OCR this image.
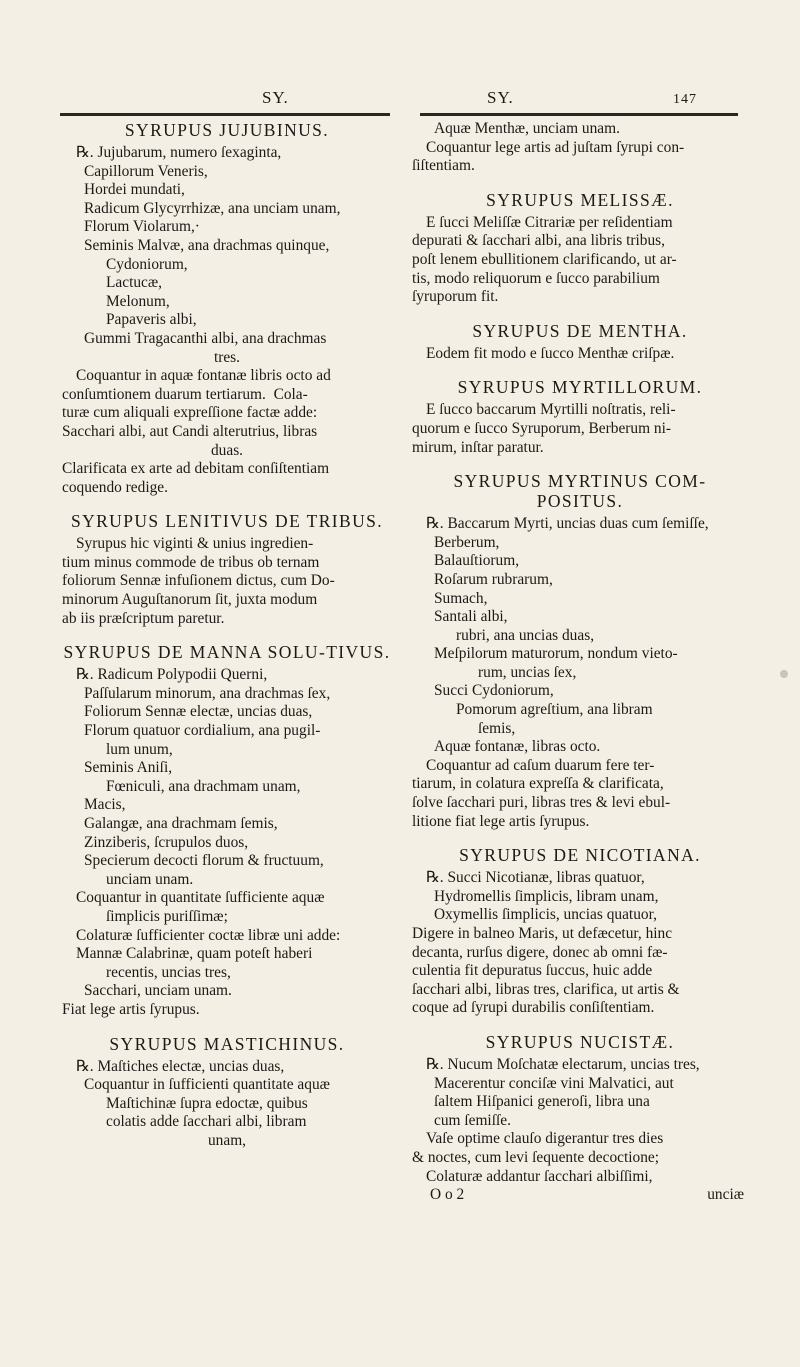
SY.	SY.	147
SYRUPUS JUJUBINUS.
℞. Jujubarum, numero ſexaginta,
Capillorum Veneris,
Hordei mundati,
Radicum Glycyrrhizæ, ana unciam unam,
Florum Violarum,·
Seminis Malvæ, ana drachmas quinque,
Cydoniorum,
Lactucæ,
Melonum,
Papaveris albi,
Gummi Tragacanthi albi, ana drachmas
tres.
Coquantur in aquæ fontanæ libris octo ad
conſumtionem duarum tertiarum.  Cola-
turæ cum aliquali expreſſione factæ adde:
Sacchari albi, aut Candi alterutrius, libras
duas.
Clarificata ex arte ad debitam conſiſtentiam
coquendo redige.
SYRUPUS LENITIVUS DE TRIBUS.
Syrupus hic viginti & unius ingredien-
tium minus commode de tribus ob ternam
foliorum Sennæ infuſionem dictus, cum Do-
minorum Auguſtanorum ſit, juxta modum
ab iis præſcriptum paretur.
SYRUPUS DE MANNA SOLU-TIVUS.
℞. Radicum Polypodii Querni,
Paſſularum minorum, ana drachmas ſex,
Foliorum Sennæ electæ, uncias duas,
Florum quatuor cordialium, ana pugil-
lum unum,
Seminis Aniſi,
Fœniculi, ana drachmam unam,
Macis,
Galangæ, ana drachmam ſemis,
Zinziberis, ſcrupulos duos,
Specierum decocti florum & fructuum,
unciam unam.
Coquantur in quantitate ſufficiente aquæ
ſimplicis puriſſimæ;
Colaturæ ſufficienter coctæ libræ uni adde:
Mannæ Calabrinæ, quam poteſt haberi
recentis, uncias tres,
Sacchari, unciam unam.
Fiat lege artis ſyrupus.
SYRUPUS MASTICHINUS.
℞. Maſtiches electæ, uncias duas,
Coquantur in ſufficienti quantitate aquæ
Maſtichinæ ſupra edoctæ, quibus
colatis adde ſacchari albi, libram
unam,
Aquæ Menthæ, unciam unam.
Coquantur lege artis ad juſtam ſyrupi con-
ſiſtentiam.
SYRUPUS MELISSÆ.
E ſucci Meliſſæ Citrariæ per reſidentiam
depurati & ſacchari albi, ana libris tribus,
poſt lenem ebullitionem clarificando, ut ar-
tis, modo reliquorum e ſucco parabilium
ſyruporum fit.
SYRUPUS DE MENTHA.
Eodem fit modo e ſucco Menthæ criſpæ.
SYRUPUS MYRTILLORUM.
E ſucco baccarum Myrtilli noſtratis, reli-
quorum e ſucco Syruporum, Berberum ni-
mirum, inſtar paratur.
SYRUPUS MYRTINUS COM-POSITUS.
℞. Baccarum Myrti, uncias duas cum ſemiſſe,
Berberum,
Balauſtiorum,
Roſarum rubrarum,
Sumach,
Santali albi,
rubri, ana uncias duas,
Meſpilorum maturorum, nondum vieto-
rum, uncias ſex,
Succi Cydoniorum,
Pomorum agreſtium, ana libram
ſemis,
Aquæ fontanæ, libras octo.
Coquantur ad caſum duarum fere ter-
tiarum, in colatura expreſſa & clarificata,
ſolve ſacchari puri, libras tres & levi ebul-
litione fiat lege artis ſyrupus.
SYRUPUS DE NICOTIANA.
℞. Succi Nicotianæ, libras quatuor,
Hydromellis ſimplicis, libram unam,
Oxymellis ſimplicis, uncias quatuor,
Digere in balneo Maris, ut defæcetur, hinc
decanta, rurſus digere, donec ab omni fæ-
culentia fit depuratus ſuccus, huic adde
ſacchari albi, libras tres, clarifica, ut artis &
coque ad ſyrupi durabilis conſiſtentiam.
SYRUPUS NUCISTÆ.
℞. Nucum Moſchatæ electarum, uncias tres,
Macerentur conciſæ vini Malvatici, aut
ſaltem Hiſpanici generoſi, libra una
cum ſemiſſe.
Vaſe optime clauſo digerantur tres dies
& noctes, cum levi ſequente decoctione;
Colaturæ addantur ſacchari albiſſimi,
O o 2	unciæ
